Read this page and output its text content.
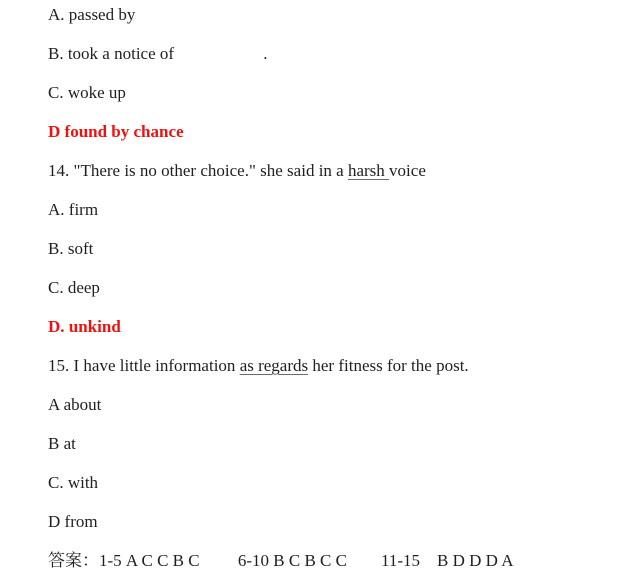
A. passed by

B. took a notice of                     .

C. woke up

D found by chance

14. "There is no other choice." she said in a harsh voice

A. firm

B. soft

C. deep

D. unkind

15. I have little information as regards her fitness for the post.

A about

B at

C. with

D from

答案：1-5 A C C B C         6-10 B C B C C        11-15    B D D D A
